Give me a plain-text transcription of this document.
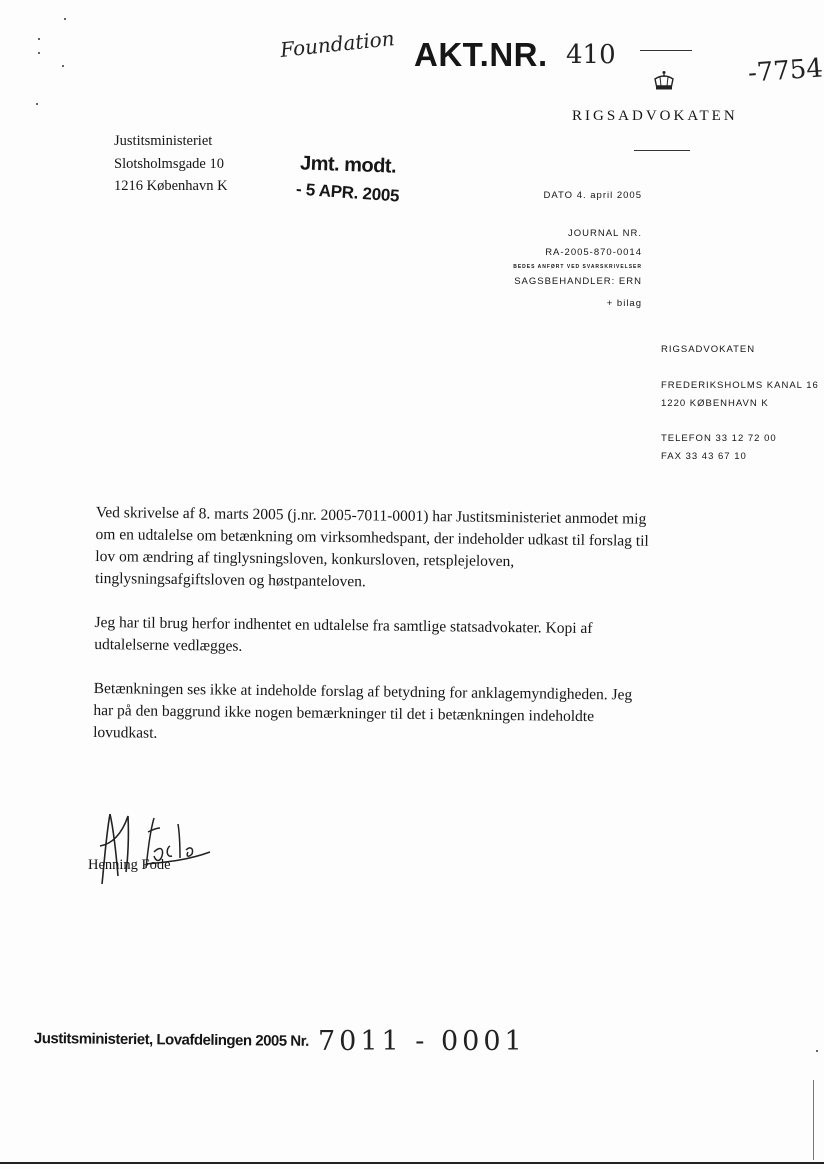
Foundation AKT.NR. 410	-7754
RIGSADVOKATEN
Justitsministeriet
Slotsholmsgade 10
1216 København K
Jmt. modt.
- 5 APR. 2005	DATO 4. april 2005
JOURNAL NR.
RA-2005-870-0014
BEDES ANFØRT VED SVARSKRIVELSER
SAGSBEHANDLER: ERN
+ bilag
RIGSADVOKATEN
FREDERIKSHOLMS KANAL 16
1220 KØBENHAVN K
TELEFON 33 12 72 00
FAX 33 43 67 10

Ved skrivelse af 8. marts 2005 (j.nr. 2005-7011-0001) har Justitsministeriet anmodet mig om en udtalelse om betænkning om virksomhedspant, der indeholder udkast til forslag til lov om ændring af tinglysningsloven, konkursloven, retsplejeloven, tinglysningsafgiftsloven og høstpanteloven.

Jeg har til brug herfor indhentet en udtalelse fra samtlige statsadvokater. Kopi af udtalelserne vedlægges.

Betænkningen ses ikke at indeholde forslag af betydning for anklagemyndigheden. Jeg har på den baggrund ikke nogen bemærkninger til det i betænkningen indeholdte lovudkast.

Henning Fode
Justitsministeriet, Lovafdelingen 2005 Nr. 7011 - 0001
